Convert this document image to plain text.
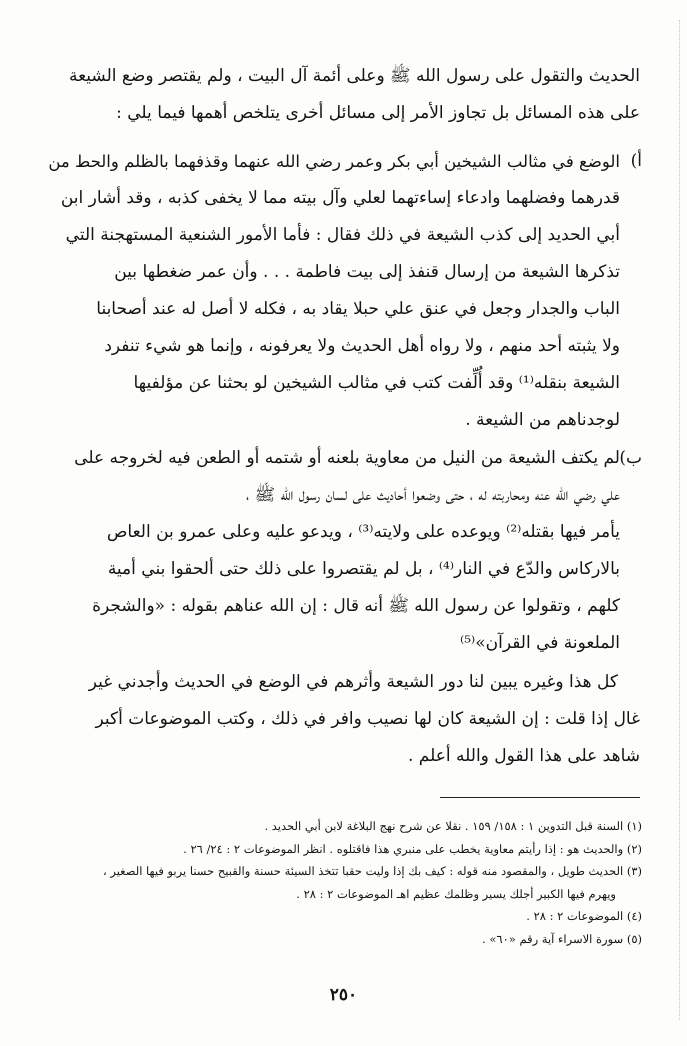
الحديث والتقول على رسول الله ﷺ وعلى أئمة آل البيت ، ولم يقتصر وضع الشيعة
على هذه المسائل بل تجاوز الأمر إلى مسائل أخرى يتلخص أهمها فيما يلي :
أ)
الوضع في مثالب الشيخين أبي بكر وعمر رضي الله عنهما وقذفهما بالظلم والحط من
قدرهما وفضلهما وادعاء إساءتهما لعلي وآل بيته مما لا يخفى كذبه ، وقد أشار ابن
أبي الحديد إلى كذب الشيعة في ذلك فقال : فأما الأمور الشنعية المستهجنة التي
تذكرها الشيعة من إرسال قنفذ إلى بيت فاطمة . . . وأن عمر ضغطها بين
الباب والجدار وجعل في عنق علي حبلا يقاد به ، فكله لا أصل له عند أصحابنا
ولا يثبته أحد منهم ، ولا رواه أهل الحديث ولا يعرفونه ، وإنما هو شيء تنفرد
الشيعة بنقله⁽¹⁾ وقد أُلِّفت كتب في مثالب الشيخين لو بحثنا عن مؤلفيها
لوجدناهم من الشيعة .
ب)
لم يكتف الشيعة من النيل من معاوية بلعنه أو شتمه أو الطعن فيه لخروجه على
علي رضي الله عنه ومحاربته له ، حتى وضعوا أحاديث على لسان رسول الله ﷺ ،
يأمر فيها بقتله⁽²⁾ ويوعده على ولايته⁽³⁾ ، ويدعو عليه وعلى عمرو بن العاص
بالاركاس والدّع في النار⁽⁴⁾ ، بل لم يقتصروا على ذلك حتى ألحقوا بني أمية
كلهم ، وتقولوا عن رسول الله ﷺ أنه قال : إن الله عناهم بقوله : «والشجرة
الملعونة في القرآن»⁽⁵⁾
كل هذا وغيره يبين لنا دور الشيعة وأثرهم في الوضع في الحديث وأجدني غير
غال إذا قلت : إن الشيعة كان لها نصيب وافر في ذلك ، وكتب الموضوعات أكبر
شاهد على هذا القول والله أعلم .
(١) السنة قبل التدوين ١ : ١٥٨/ ١٥٩ . نقلا عن شرح نهج البلاغة لابن أبي الحديد .
(٢) والحديث هو : إذا رأيتم معاوية يخطب على منبري هذا فاقتلوه . انظر الموضوعات ٢ : ٢٤/ ٢٦ .
(٣) الحديث طويل ، والمقصود منه قوله : كيف بك إذا وليت حقبا تتخذ السيئة حسنة والقبيح حسنا يربو فيها الصغير ،
ويهرم فيها الكبير أجلك يسير وظلمك عظيم اهـ الموضوعات ٢ : ٢٨ .
(٤) الموضوعات ٢ : ٢٨ .
(٥) سورة الاسراء آية رقم «٦٠» .
٢٥٠
